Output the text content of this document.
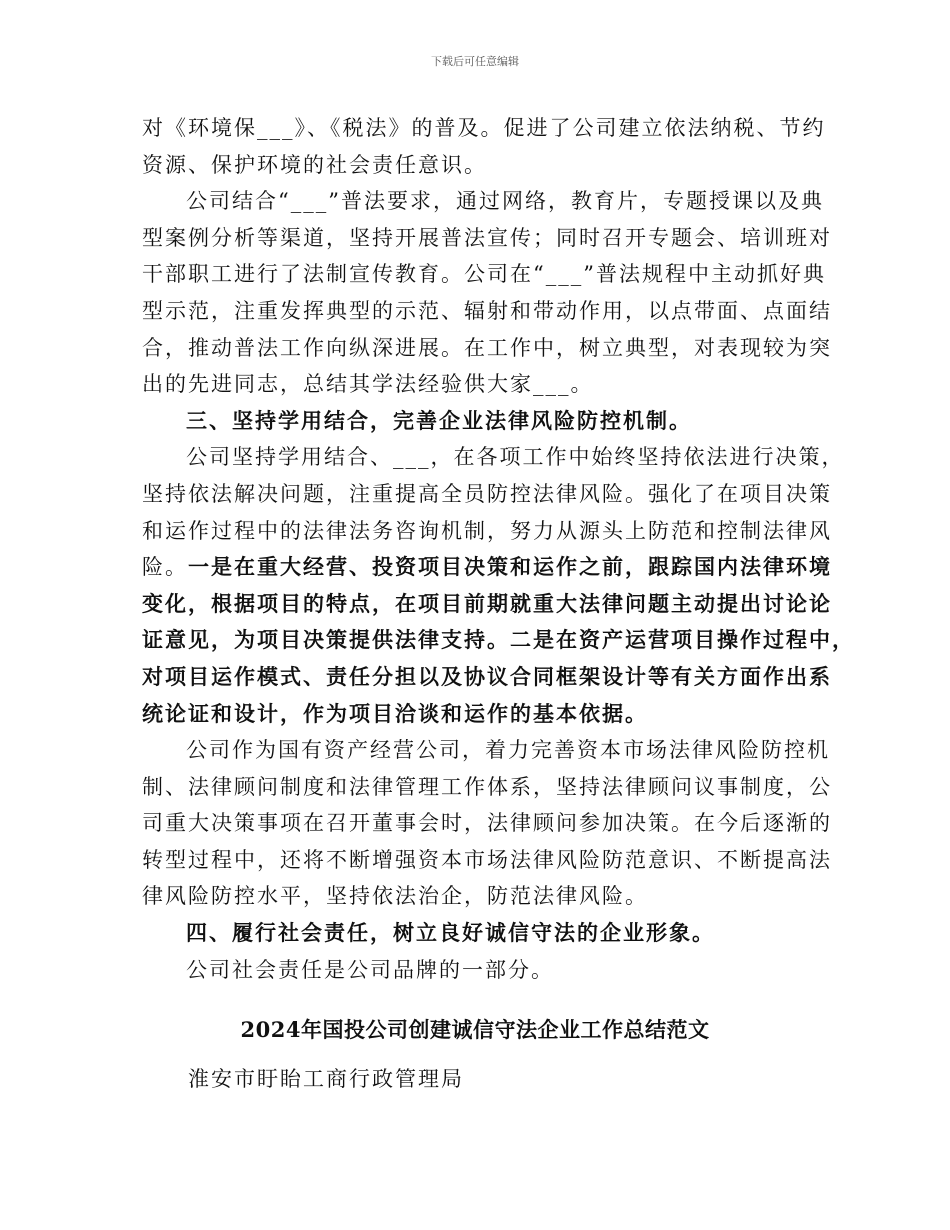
下载后可任意编辑
对《环境保___》、《税法》的普及。促进了公司建立依法纳税、节约
资源、保护环境的社会责任意识。
公司结合“___”普法要求，通过网络，教育片，专题授课以及典
型案例分析等渠道，坚持开展普法宣传；同时召开专题会、培训班对
干部职工进行了法制宣传教育。公司在“___”普法规程中主动抓好典
型示范，注重发挥典型的示范、辐射和带动作用，以点带面、点面结
合，推动普法工作向纵深进展。在工作中，树立典型，对表现较为突
出的先进同志，总结其学法经验供大家___。
三、坚持学用结合，完善企业法律风险防控机制。
公司坚持学用结合、___，在各项工作中始终坚持依法进行决策，
坚持依法解决问题，注重提高全员防控法律风险。强化了在项目决策
和运作过程中的法律法务咨询机制，努力从源头上防范和控制法律风
险。一是在重大经营、投资项目决策和运作之前，跟踪国内法律环境
变化，根据项目的特点，在项目前期就重大法律问题主动提出讨论论
证意见，为项目决策提供法律支持。二是在资产运营项目操作过程中，
对项目运作模式、责任分担以及协议合同框架设计等有关方面作出系
统论证和设计，作为项目洽谈和运作的基本依据。
公司作为国有资产经营公司，着力完善资本市场法律风险防控机
制、法律顾问制度和法律管理工作体系，坚持法律顾问议事制度，公
司重大决策事项在召开董事会时，法律顾问参加决策。在今后逐渐的
转型过程中，还将不断增强资本市场法律风险防范意识、不断提高法
律风险防控水平，坚持依法治企，防范法律风险。
四、履行社会责任，树立良好诚信守法的企业形象。
公司社会责任是公司品牌的一部分。
2024年国投公司创建诚信守法企业工作总结范文
淮安市盱眙工商行政管理局
